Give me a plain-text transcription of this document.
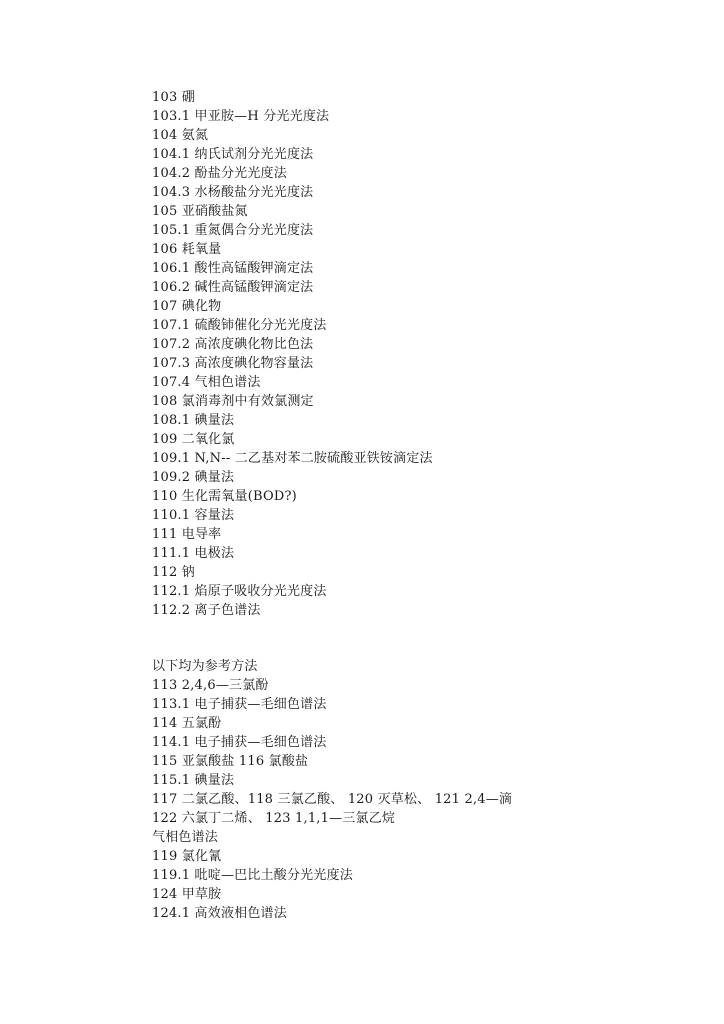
103 硼
103.1 甲亚胺—H 分光光度法
104 氨氮
104.1 纳氏试剂分光光度法
104.2 酚盐分光光度法
104.3 水杨酸盐分光光度法
105 亚硝酸盐氮
105.1 重氮偶合分光光度法
106 耗氧量
106.1 酸性高锰酸钾滴定法
106.2 碱性高锰酸钾滴定法
107 碘化物
107.1 硫酸铈催化分光光度法
107.2 高浓度碘化物比色法
107.3 高浓度碘化物容量法
107.4 气相色谱法
108 氯消毒剂中有效氯测定
108.1 碘量法
109 二氧化氯
109.1 N,N-- 二乙基对苯二胺硫酸亚铁铵滴定法
109.2 碘量法
110 生化需氧量(BOD?)
110.1 容量法
111 电导率
111.1 电极法
112 钠
112.1 焰原子吸收分光光度法
112.2 离子色谱法
以下均为参考方法
113 2,4,6—三氯酚
113.1 电子捕获—毛细色谱法
114 五氯酚
114.1 电子捕获—毛细色谱法
115 亚氯酸盐 116 氯酸盐
115.1 碘量法
117 二氯乙酸、118 三氯乙酸、 120 灭草松、 121 2,4—滴
122 六氯丁二烯、 123 1,1,1—三氯乙烷
气相色谱法
119 氯化氰
119.1 吡啶—巴比土酸分光光度法
124 甲草胺
124.1 高效液相色谱法
